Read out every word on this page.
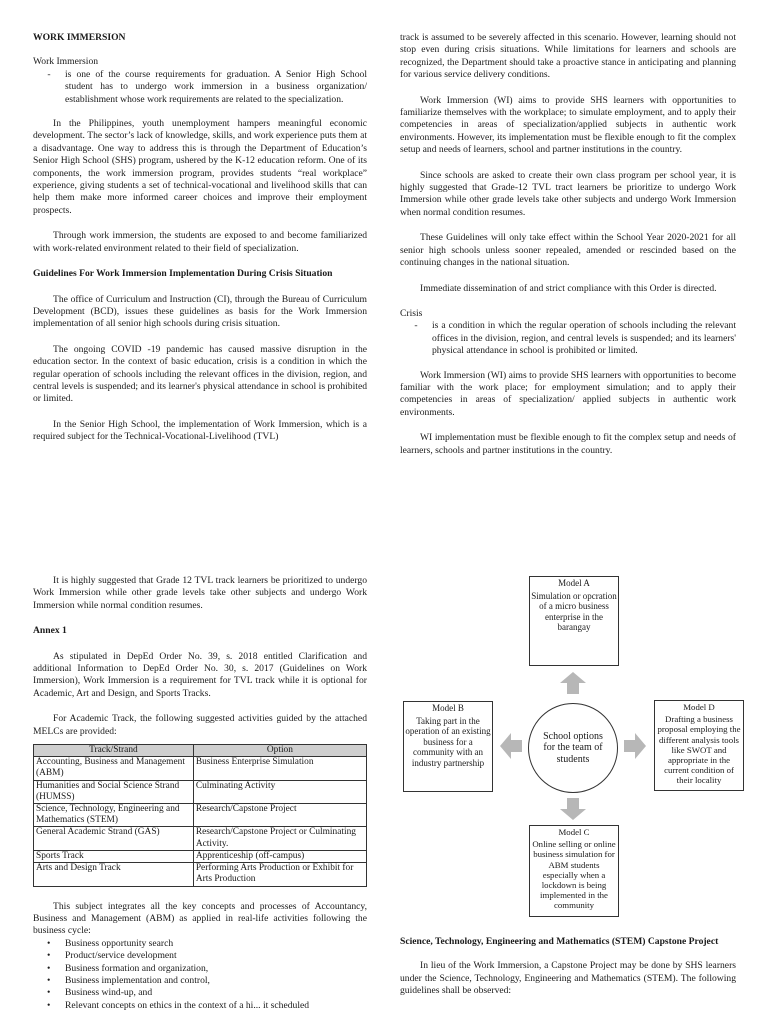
WORK IMMERSION

Work Immersion

-	is one of the course requirements for graduation. A Senior High School student has to undergo work immersion in a business organization/ establishment whose work requirements are related to the specialization.

In the Philippines, youth unemployment hampers meaningful economic development. The sector’s lack of knowledge, skills, and work experience puts them at a disadvantage. One way to address this is through the Department of Education’s Senior High School (SHS) program, ushered by the K-12 education reform. One of its components, the work immersion program, provides students “real workplace” experience, giving students a set of technical-vocational and livelihood skills that can help them make more informed career choices and improve their employment prospects.

Through work immersion, the students are exposed to and become familiarized with work-related environment related to their field of specialization.

Guidelines For Work Immersion Implementation During Crisis Situation

The office of Curriculum and Instruction (CI), through the Bureau of Curriculum Development (BCD), issues these guidelines as basis for the Work Immersion implementation of all senior high schools during crisis situation.

The ongoing COVID -19 pandemic has caused massive disruption in the education sector. In the context of basic education, crisis is a condition in which the regular operation of schools including the relevant offices in the division, region, and central levels is suspended; and its learner's physical attendance in school is prohibited or limited.

In the Senior High School, the implementation of Work Immersion, which is a required subject for the Technical-Vocational-Livelihood (TVL)

track is assumed to be severely affected in this scenario. However, learning should not stop even during crisis situations. While limitations for learners and schools are recognized, the Department should take a proactive stance in anticipating and planning for various service delivery conditions.

Work Immersion (WI) aims to provide SHS learners with opportunities to familiarize themselves with the workplace; to simulate employment, and to apply their competencies in areas of specialization/applied subjects in authentic work environments. However, its implementation must be flexible enough to fit the complex setup and needs of learners, school and partner institutions in the country.

Since schools are asked to create their own class program per school year, it is highly suggested that Grade-12 TVL tract learners be prioritize to undergo Work Immersion while other grade levels take other subjects and undergo Work Immersion when normal condition resumes.

These Guidelines will only take effect within the School Year 2020-2021 for all senior high schools unless sooner repealed, amended or rescinded based on the continuing changes in the national situation.

Immediate dissemination of and strict compliance with this Order is directed.

Crisis

-	is a condition in which the regular operation of schools including the relevant offices in the division, region, and central levels is suspended; and its learners' physical attendance in school is prohibited or limited.

Work Immersion (WI) aims to provide SHS learners with opportunities to become familiar with the work place; for employment simulation; and to apply their competencies in areas of specialization/ applied subjects in authentic work environments.

WI implementation must be flexible enough to fit the complex setup and needs of learners, schools and partner institutions in the country.

It is highly suggested that Grade 12 TVL track learners be prioritized to undergo Work Immersion while other grade levels take other subjects and undergo Work Immersion while normal condition resumes.

Annex 1

As stipulated in DepEd Order No. 39, s. 2018 entitled Clarification and additional Information to DepEd Order No. 30, s. 2017 (Guidelines on Work Immersion), Work Immersion is a requirement for TVL track while it is optional for Academic, Art and Design, and Sports Tracks.

For Academic Track, the following suggested activities guided by the attached MELCs are provided:

Track/Strand	Option
Accounting, Business and Management (ABM)	Business Enterprise Simulation
Humanities and Social Science Strand (HUMSS)	Culminating Activity
Science, Technology, Engineering and Mathematics (STEM)	Research/Capstone Project
General Academic Strand (GAS)	Research/Capstone Project or Culminating Activity.
Sports Track	Apprenticeship (off-campus)
Arts and Design Track	Performing Arts Production or Exhibit for Arts Production

This subject integrates all the key concepts and processes of Accountancy, Business and Management (ABM) as applied in real-life activities following the business cycle:

• Business opportunity search
• Product/service development
• Business formation and organization,
• Business implementation and control,
• Business wind-up, and
• Relevant concepts on ethics in the context of a hi... it scheduled
Model A
Simulation or opcration of a micro business enterprise in the barangay
Model B
Taking part in the operation of an existing business for a community with an industry partnership
Model D
Drafting a business proposal employing the different analysis tools like SWOT and appropriate in the current condition of their locality
Model C
Online selling or online business simulation for ABM students especially when a lockdown is being implemented in the community
School options for the team of students

Science, Technology, Engineering and Mathematics (STEM) Capstone Project

In lieu of the Work Immersion, a Capstone Project may be done by SHS learners under the Science, Technology, Engineering and Mathematics (STEM). The following guidelines shall be observed:
